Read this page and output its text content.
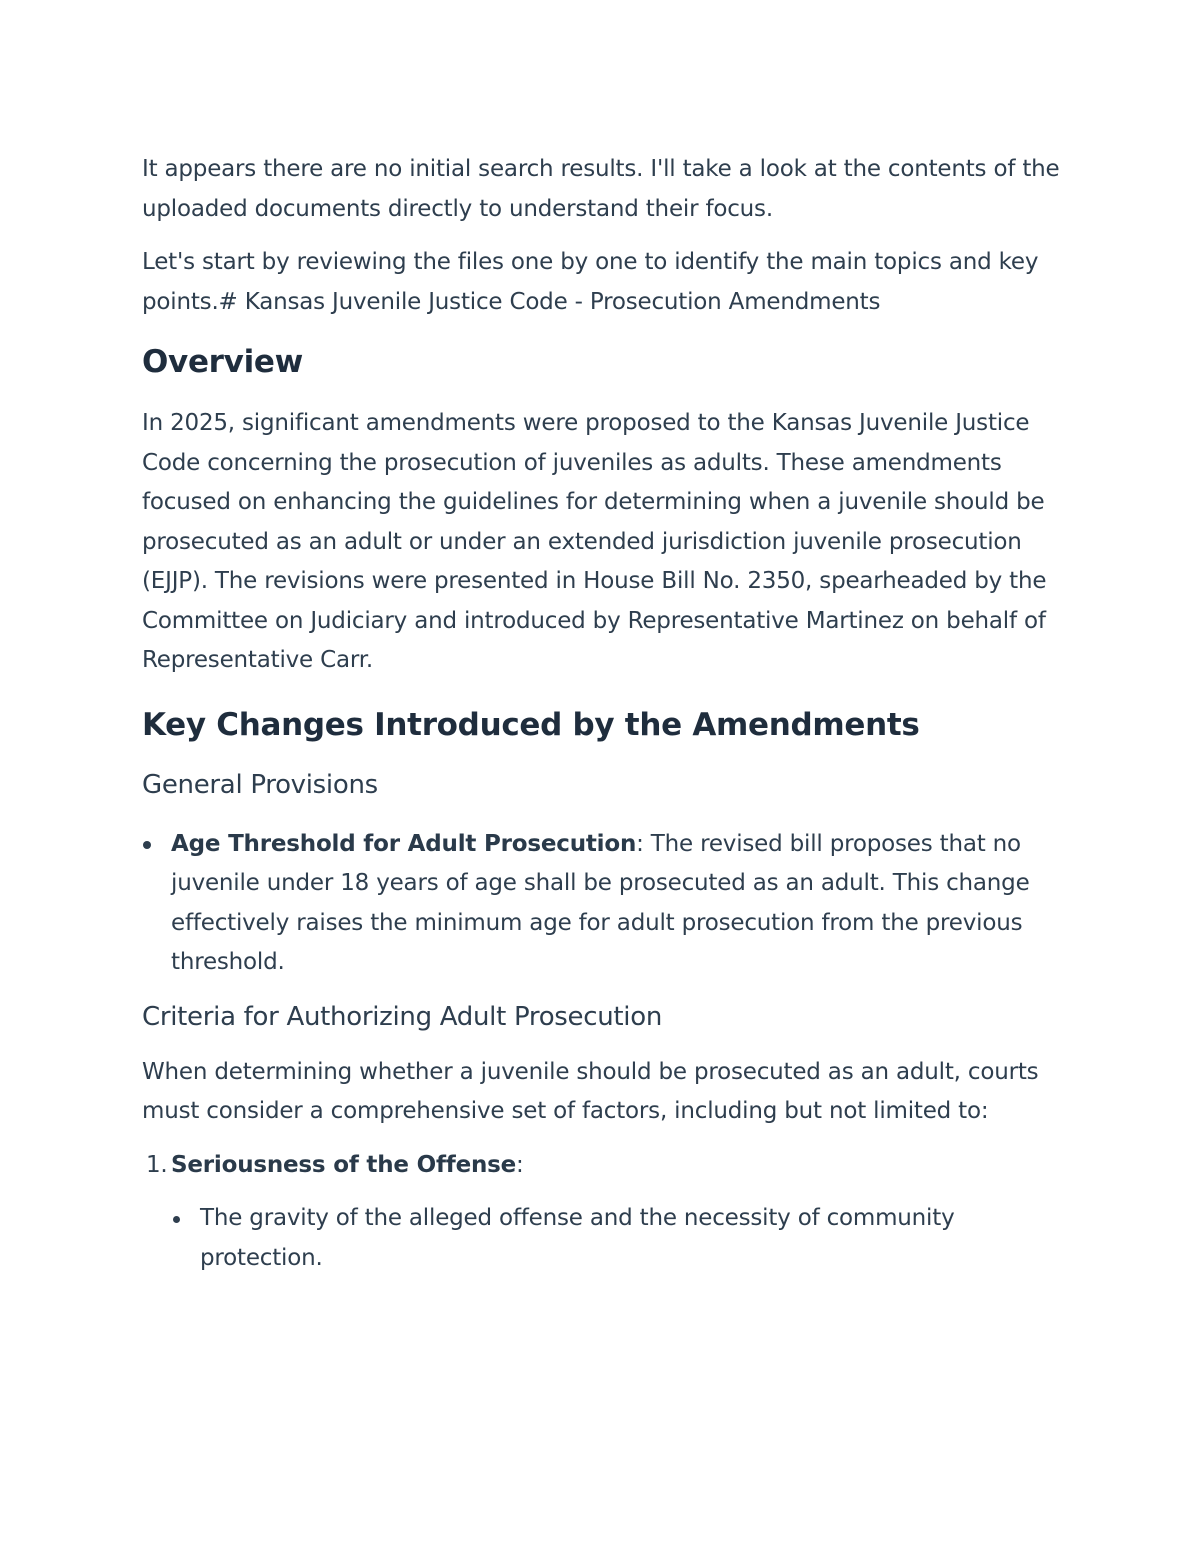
It appears there are no initial search results. I'll take a look at the contents of the uploaded documents directly to understand their focus.

Let's start by reviewing the files one by one to identify the main topics and key points.# Kansas Juvenile Justice Code - Prosecution Amendments

Overview

In 2025, significant amendments were proposed to the Kansas Juvenile Justice Code concerning the prosecution of juveniles as adults. These amendments focused on enhancing the guidelines for determining when a juvenile should be prosecuted as an adult or under an extended jurisdiction juvenile prosecution (EJJP). The revisions were presented in House Bill No. 2350, spearheaded by the Committee on Judiciary and introduced by Representative Martinez on behalf of Representative Carr.

Key Changes Introduced by the Amendments
General Provisions
Age Threshold for Adult Prosecution: The revised bill proposes that no juvenile under 18 years of age shall be prosecuted as an adult. This change effectively raises the minimum age for adult prosecution from the previous threshold.
Criteria for Authorizing Adult Prosecution

When determining whether a juvenile should be prosecuted as an adult, courts must consider a comprehensive set of factors, including but not limited to:

1. Seriousness of the Offense:
The gravity of the alleged offense and the necessity of community protection.
